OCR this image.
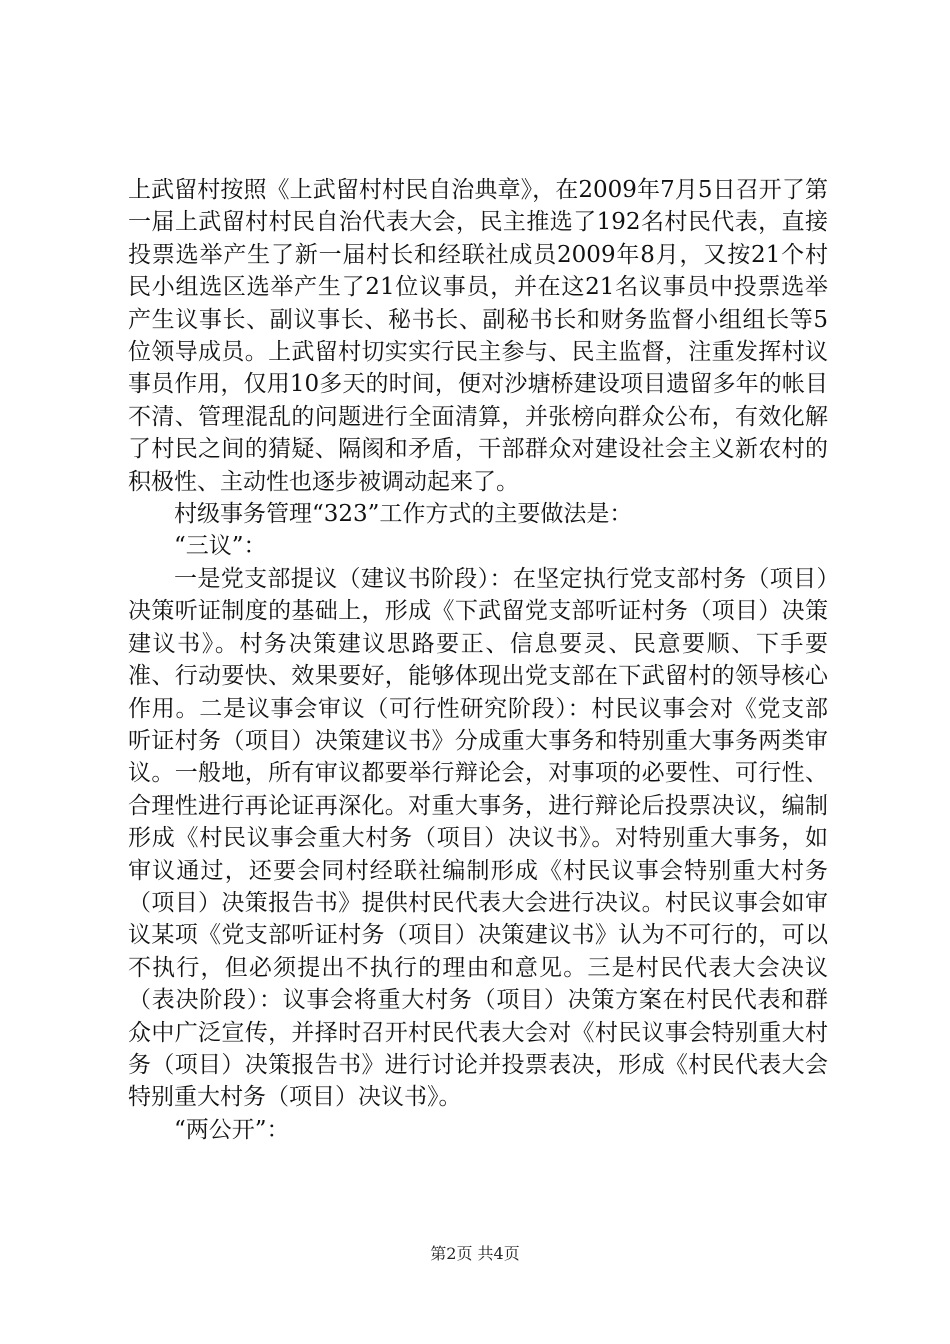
上武留村按照《上武留村村民自治典章》，在2009年7月5日召开了第一届上武留村村民自治代表大会，民主推选了192名村民代表，直接投票选举产生了新一届村长和经联社成员2009年8月，又按21个村民小组选区选举产生了21位议事员，并在这21名议事员中投票选举产生议事长、副议事长、秘书长、副秘书长和财务监督小组组长等5位领导成员。上武留村切实实行民主参与、民主监督，注重发挥村议事员作用，仅用10多天的时间，便对沙塘桥建设项目遗留多年的帐目不清、管理混乱的问题进行全面清算，并张榜向群众公布，有效化解了村民之间的猜疑、隔阂和矛盾，干部群众对建设社会主义新农村的积极性、主动性也逐步被调动起来了。

村级事务管理“323”工作方式的主要做法是：

“三议”：

一是党支部提议（建议书阶段）：在坚定执行党支部村务（项目）决策听证制度的基础上，形成《下武留党支部听证村务（项目）决策建议书》。村务决策建议思路要正、信息要灵、民意要顺、下手要准、行动要快、效果要好，能够体现出党支部在下武留村的领导核心作用。二是议事会审议（可行性研究阶段）：村民议事会对《党支部听证村务（项目）决策建议书》分成重大事务和特别重大事务两类审议。一般地，所有审议都要举行辩论会，对事项的必要性、可行性、合理性进行再论证再深化。对重大事务，进行辩论后投票决议，编制形成《村民议事会重大村务（项目）决议书》。对特别重大事务，如审议通过，还要会同村经联社编制形成《村民议事会特别重大村务（项目）决策报告书》提供村民代表大会进行决议。村民议事会如审议某项《党支部听证村务（项目）决策建议书》认为不可行的，可以不执行，但必须提出不执行的理由和意见。三是村民代表大会决议（表决阶段）：议事会将重大村务（项目）决策方案在村民代表和群众中广泛宣传，并择时召开村民代表大会对《村民议事会特别重大村务（项目）决策报告书》进行讨论并投票表决，形成《村民代表大会特别重大村务（项目）决议书》。

“两公开”：

第2页 共4页
